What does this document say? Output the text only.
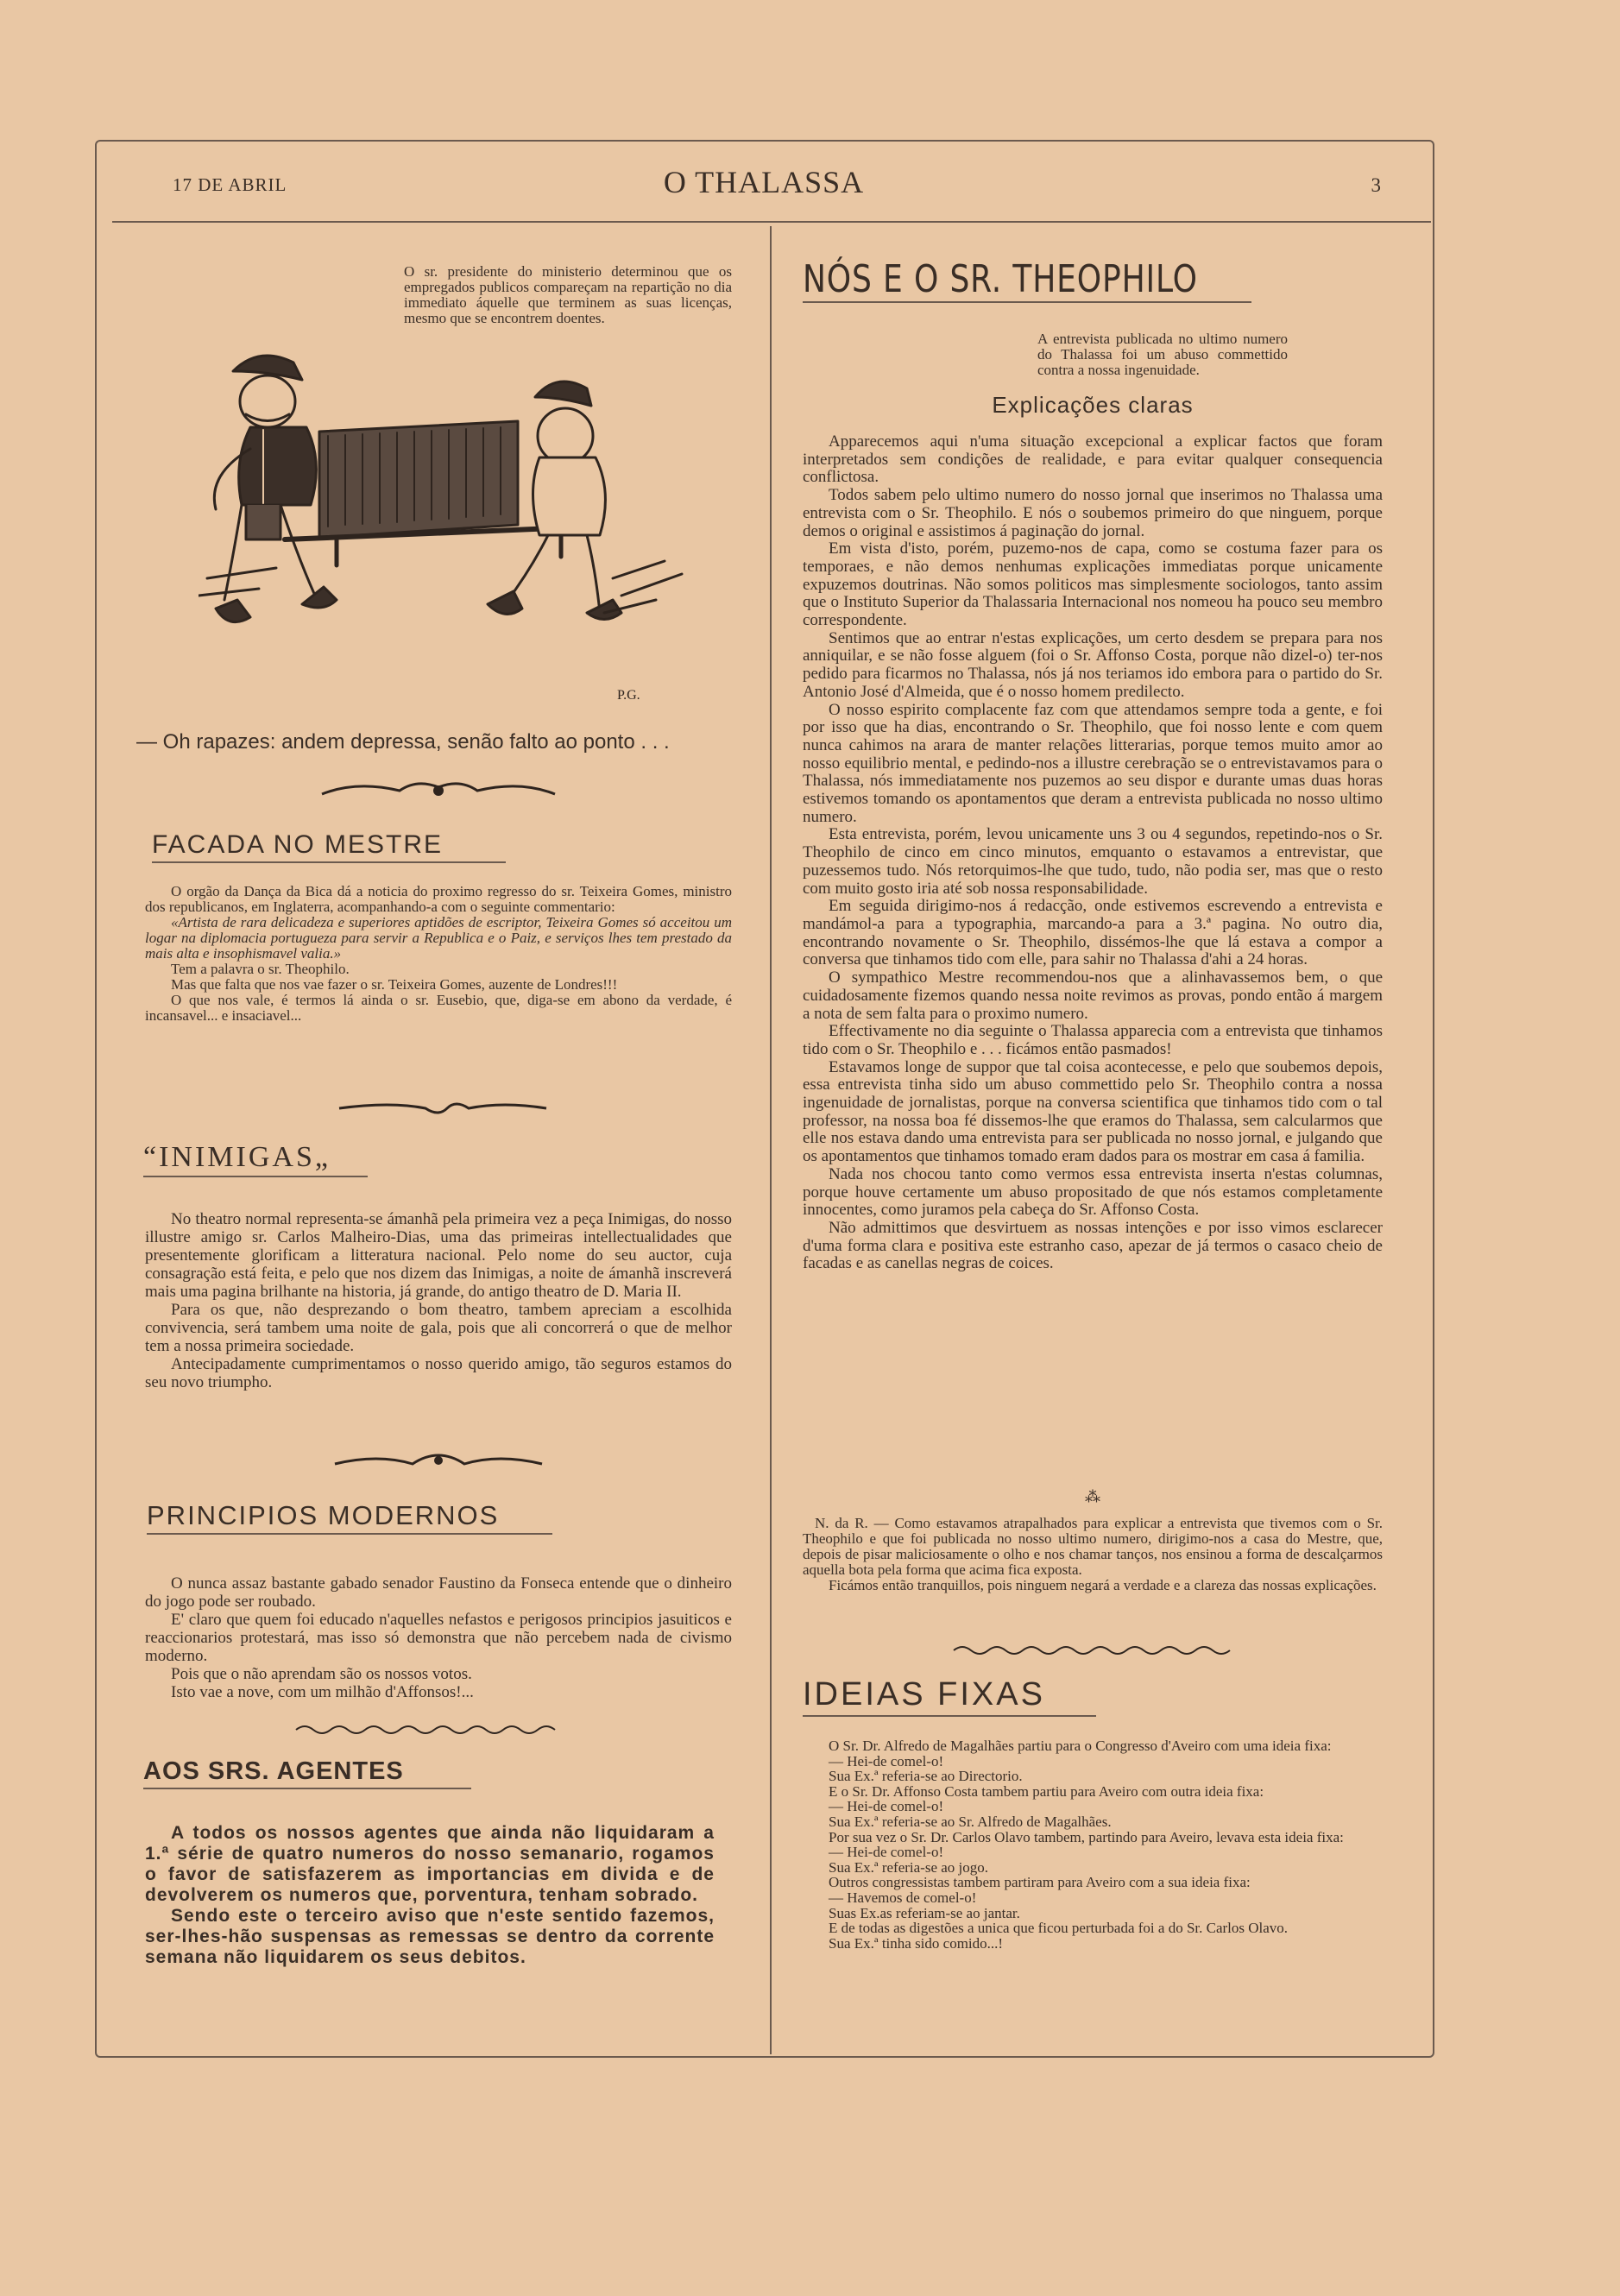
17 DE ABRIL	O THALASSA	3
O sr. presidente do ministerio determinou que os empregados publicos compareçam na repartição no dia immediato áquelle que terminem as suas licenças, mesmo que se encontrem doentes.
P.G.
— Oh rapazes: andem depressa, senão falto ao ponto . . .
FACADA NO MESTRE

O orgão da Dança da Bica dá a noticia do proximo regresso do sr. Teixeira Gomes, ministro dos republicanos, em Inglaterra, acompanhando-a com o seguinte commentario:

«Artista de rara delicadeza e superiores aptidões de escriptor, Teixeira Gomes só acceitou um logar na diplomacia portugueza para servir a Republica e o Paiz, e serviços lhes tem prestado da mais alta e insophismavel valia.»

Tem a palavra o sr. Theophilo.

Mas que falta que nos vae fazer o sr. Teixeira Gomes, auzente de Londres!!!

O que nos vale, é termos lá ainda o sr. Eusebio, que, diga-se em abono da verdade, é incansavel... e insaciavel...

“INIMIGAS„

No theatro normal representa-se ámanhã pela primeira vez a peça Inimigas, do nosso illustre amigo sr. Carlos Malheiro-Dias, uma das primeiras intellectualidades que presentemente glorificam a litteratura nacional. Pelo nome do seu auctor, cuja consagração está feita, e pelo que nos dizem das Inimigas, a noite de ámanhã inscreverá mais uma pagina brilhante na historia, já grande, do antigo theatro de D. Maria II.

Para os que, não desprezando o bom theatro, tambem apreciam a escolhida convivencia, será tambem uma noite de gala, pois que ali concorrerá o que de melhor tem a nossa primeira sociedade.

Antecipadamente cumprimentamos o nosso querido amigo, tão seguros estamos do seu novo triumpho.

PRINCIPIOS MODERNOS

O nunca assaz bastante gabado senador Faustino da Fonseca entende que o dinheiro do jogo pode ser roubado.

E' claro que quem foi educado n'aquelles nefastos e perigosos principios jasuiticos e reaccionarios protestará, mas isso só demonstra que não percebem nada de civismo moderno.

Pois que o não aprendam são os nossos votos.

Isto vae a nove, com um milhão d'Affonsos!...

AOS SRS. AGENTES

A todos os nossos agentes que ainda não liquidaram a 1.ª série de quatro numeros do nosso semanario, rogamos o favor de satisfazerem as importancias em divida e de devolverem os numeros que, porventura, tenham sobrado.

Sendo este o terceiro aviso que n'este sentido fazemos, ser-lhes-hão suspensas as remessas se dentro da corrente semana não liquidarem os seus debitos.

NÓS E O SR. THEOPHILO
A entrevista publicada no ultimo numero do Thalassa foi um abuso commettido contra a nossa ingenuidade.
Explicações claras

Apparecemos aqui n'uma situação excepcional a explicar factos que foram interpretados sem condições de realidade, e para evitar qualquer consequencia conflictosa.

Todos sabem pelo ultimo numero do nosso jornal que inserimos no Thalassa uma entrevista com o Sr. Theophilo. E nós o soubemos primeiro do que ninguem, porque demos o original e assistimos á paginação do jornal.

Em vista d'isto, porém, puzemo-nos de capa, como se costuma fazer para os temporaes, e não demos nenhumas explicações immediatas porque unicamente expuzemos doutrinas. Não somos politicos mas simplesmente sociologos, tanto assim que o Instituto Superior da Thalassaria Internacional nos nomeou ha pouco seu membro correspondente.

Sentimos que ao entrar n'estas explicações, um certo desdem se prepara para nos anniquilar, e se não fosse alguem (foi o Sr. Affonso Costa, porque não dizel-o) ter-nos pedido para ficarmos no Thalassa, nós já nos teriamos ido embora para o partido do Sr. Antonio José d'Almeida, que é o nosso homem predilecto.

O nosso espirito complacente faz com que attendamos sempre toda a gente, e foi por isso que ha dias, encontrando o Sr. Theophilo, que foi nosso lente e com quem nunca cahimos na arara de manter relações litterarias, porque temos muito amor ao nosso equilibrio mental, e pedindo-nos a illustre cerebração se o entrevistavamos para o Thalassa, nós immediatamente nos puzemos ao seu dispor e durante umas duas horas estivemos tomando os apontamentos que deram a entrevista publicada no nosso ultimo numero.

Esta entrevista, porém, levou unicamente uns 3 ou 4 segundos, repetindo-nos o Sr. Theophilo de cinco em cinco minutos, emquanto o estavamos a entrevistar, que puzessemos tudo. Nós retorquimos-lhe que tudo, tudo, não podia ser, mas que o resto com muito gosto iria até sob nossa responsabilidade.

Em seguida dirigimo-nos á redacção, onde estivemos escrevendo a entrevista e mandámol-a para a typographia, marcando-a para a 3.ª pagina. No outro dia, encontrando novamente o Sr. Theophilo, dissémos-lhe que lá estava a compor a conversa que tinhamos tido com elle, para sahir no Thalassa d'ahi a 24 horas.

O sympathico Mestre recommendou-nos que a alinhavassemos bem, o que cuidadosamente fizemos quando nessa noite revimos as provas, pondo então á margem a nota de sem falta para o proximo numero.

Effectivamente no dia seguinte o Thalassa apparecia com a entrevista que tinhamos tido com o Sr. Theophilo e . . . ficámos então pasmados!

Estavamos longe de suppor que tal coisa acontecesse, e pelo que soubemos depois, essa entrevista tinha sido um abuso commettido pelo Sr. Theophilo contra a nossa ingenuidade de jornalistas, porque na conversa scientifica que tinhamos tido com o tal professor, na nossa boa fé dissemos-lhe que eramos do Thalassa, sem calcularmos que elle nos estava dando uma entrevista para ser publicada no nosso jornal, e julgando que os apontamentos que tinhamos tomado eram dados para os mostrar em casa á familia.

Nada nos chocou tanto como vermos essa entrevista inserta n'estas columnas, porque houve certamente um abuso propositado de que nós estamos completamente innocentes, como juramos pela cabeça do Sr. Affonso Costa.

Não admittimos que desvirtuem as nossas intenções e por isso vimos esclarecer d'uma forma clara e positiva este estranho caso, apezar de já termos o casaco cheio de facadas e as canellas negras de coices.

⁂

N. da R. — Como estavamos atrapalhados para explicar a entrevista que tivemos com o Sr. Theophilo e que foi publicada no nosso ultimo numero, dirigimo-nos a casa do Mestre, que, depois de pisar maliciosamente o olho e nos chamar tanços, nos ensinou a forma de descalçarmos aquella bota pela forma que acima fica exposta.

Ficámos então tranquillos, pois ninguem negará a verdade e a clareza das nossas explicações.

IDEIAS FIXAS

O Sr. Dr. Alfredo de Magalhães partiu para o Congresso d'Aveiro com uma ideia fixa:

— Hei-de comel-o!

Sua Ex.ª referia-se ao Directorio.

E o Sr. Dr. Affonso Costa tambem partiu para Aveiro com outra ideia fixa:

— Hei-de comel-o!

Sua Ex.ª referia-se ao Sr. Alfredo de Magalhães.

Por sua vez o Sr. Dr. Carlos Olavo tambem, partindo para Aveiro, levava esta ideia fixa:

— Hei-de comel-o!

Sua Ex.ª referia-se ao jogo.

Outros congressistas tambem partiram para Aveiro com a sua ideia fixa:

— Havemos de comel-o!

Suas Ex.as referiam-se ao jantar.

E de todas as digestões a unica que ficou perturbada foi a do Sr. Carlos Olavo.

Sua Ex.ª tinha sido comido...!
